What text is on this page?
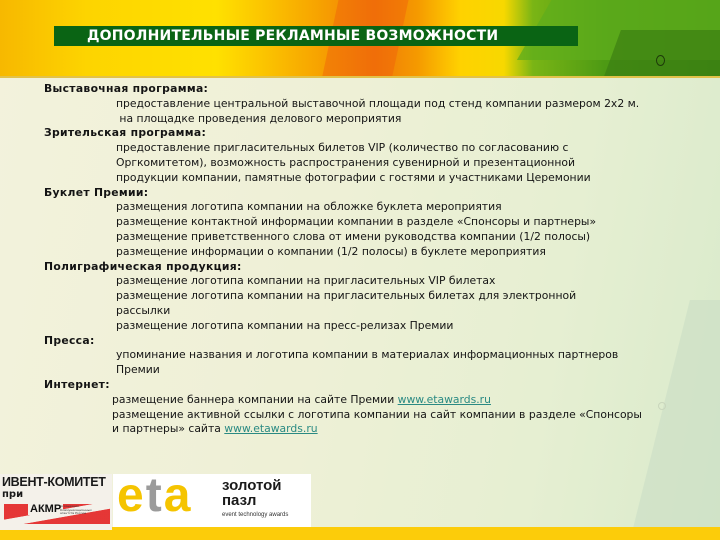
ДОПОЛНИТЕЛЬНЫЕ РЕКЛАМНЫЕ ВОЗМОЖНОСТИ
Выставочная программа:
предоставление центральной выставочной площади под стенд компании размером 2х2 м.
на площадке проведения делового мероприятия
Зрительская программа:
предоставление пригласительных билетов VIP (количество по согласованию с
Оргкомитетом), возможность распространения сувенирной и презентационной
продукции компании, памятные фотографии с гостями и участниками Церемонии
Буклет Премии:
размещения логотипа компании на обложке буклета мероприятия
размещение контактной информации компании в разделе «Спонсоры и партнеры»
размещение приветственного слова от имени руководства компании (1/2 полосы)
размещение информации о компании (1/2 полосы) в буклете мероприятия
Полиграфическая продукция:
размещение логотипа компании на пригласительных VIP билетах
размещение логотипа компании на пригласительных билетах для электронной
рассылки
размещение логотипа компании на пресс-релизах Премии
Пресса:
упоминание названия и логотипа компании в материалах информационных партнеров
Премии
Интернет:
размещение баннера компании на сайте Премии www.etawards.ru
размещение активной ссылки с логотипа компании на сайт компании в разделе «Спонсоры
и партнеры» сайта www.etawards.ru
ИВЕНТ-КОМИТЕТ
при
АКМР
Ассоциация Коммуникационных агентств России eta золотой
пазл
event technology awards
